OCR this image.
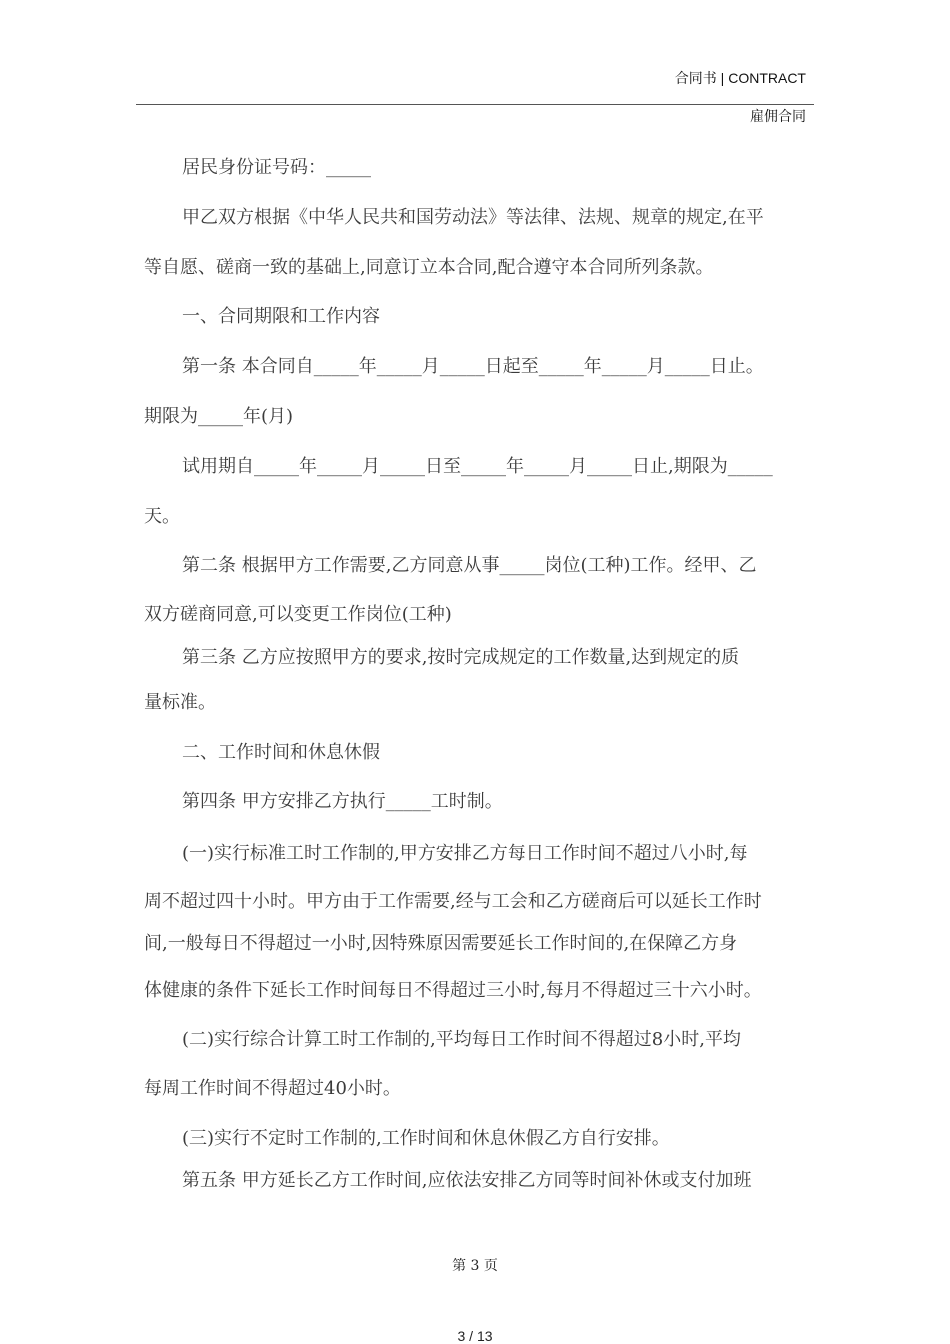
合同书 | CONTRACT
雇佣合同
居民身份证号码：_____
甲乙双方根据《中华人民共和国劳动法》等法律、法规、规章的规定,在平
等自愿、磋商一致的基础上,同意订立本合同,配合遵守本合同所列条款。
一、合同期限和工作内容
第一条 本合同自_____年_____月_____日起至_____年_____月_____日止。
期限为_____年(月)
试用期自_____年_____月_____日至_____年_____月_____日止,期限为_____
天。
第二条 根据甲方工作需要,乙方同意从事_____岗位(工种)工作。经甲、乙
双方磋商同意,可以变更工作岗位(工种)
第三条 乙方应按照甲方的要求,按时完成规定的工作数量,达到规定的质
量标准。
二、工作时间和休息休假
第四条 甲方安排乙方执行_____工时制。
(一)实行标准工时工作制的,甲方安排乙方每日工作时间不超过八小时,每
周不超过四十小时。甲方由于工作需要,经与工会和乙方磋商后可以延长工作时
间,一般每日不得超过一小时,因特殊原因需要延长工作时间的,在保障乙方身
体健康的条件下延长工作时间每日不得超过三小时,每月不得超过三十六小时。
(二)实行综合计算工时工作制的,平均每日工作时间不得超过8小时,平均
每周工作时间不得超过40小时。
(三)实行不定时工作制的,工作时间和休息休假乙方自行安排。
第五条 甲方延长乙方工作时间,应依法安排乙方同等时间补休或支付加班
第 3 页
3 / 13
